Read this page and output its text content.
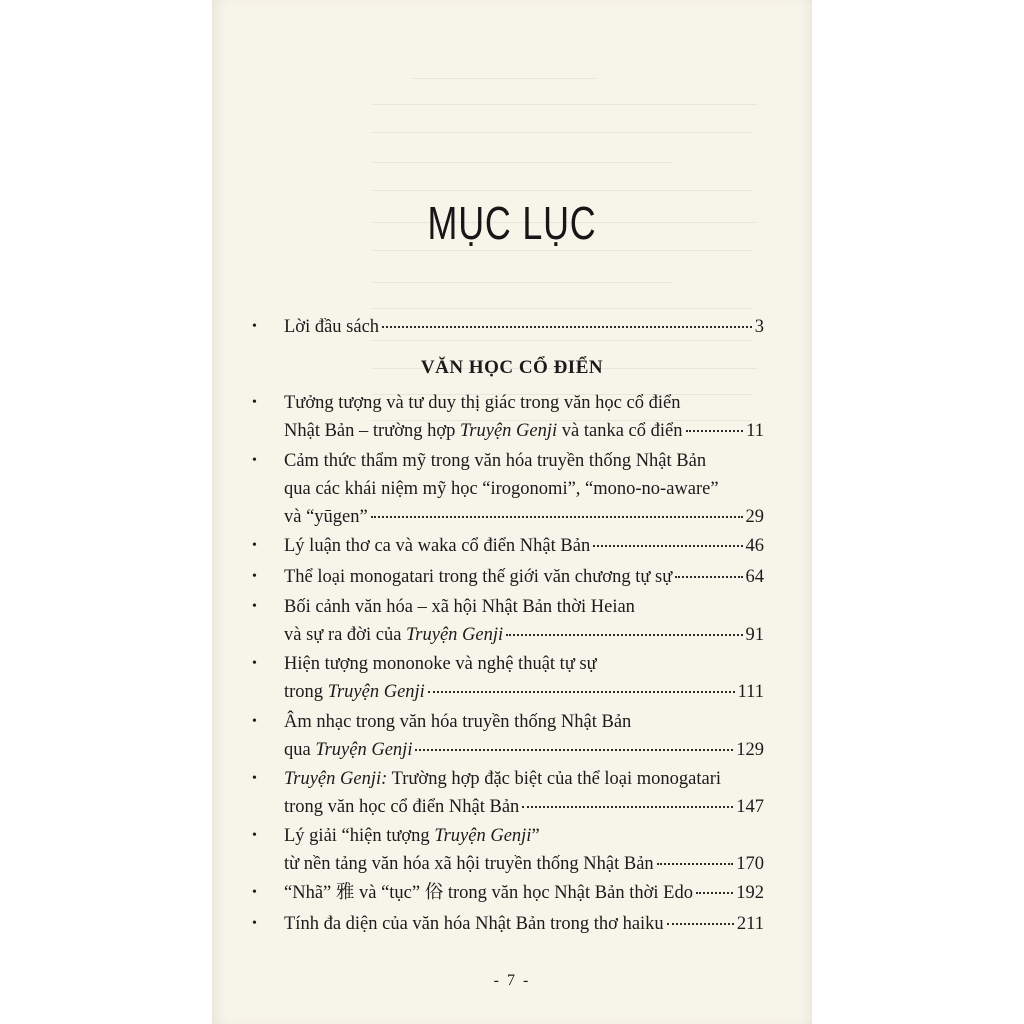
MỤC LỤC
• Lời đầu sách	3
VĂN HỌC CỔ ĐIỂN
• Tưởng tượng và tư duy thị giác trong văn học cổ điển
Nhật Bản – trường hợp Truyện Genji và tanka cổ điển	11
• Cảm thức thẩm mỹ trong văn hóa truyền thống Nhật Bản
qua các khái niệm mỹ học “irogonomi”, “mono-no-aware”
và “yūgen”	29
• Lý luận thơ ca và waka cổ điển Nhật Bản	46
• Thể loại monogatari trong thế giới văn chương tự sự	64
• Bối cảnh văn hóa – xã hội Nhật Bản thời Heian
và sự ra đời của Truyện Genji	91
• Hiện tượng mononoke và nghệ thuật tự sự
trong Truyện Genji	111
• Âm nhạc trong văn hóa truyền thống Nhật Bản
qua Truyện Genji	129
• Truyện Genji: Trường hợp đặc biệt của thể loại monogatari
trong văn học cổ điển Nhật Bản	147
• Lý giải “hiện tượng Truyện Genji”
từ nền tảng văn hóa xã hội truyền thống Nhật Bản	170
• “Nhã” 雅 và “tục” 俗 trong văn học Nhật Bản thời Edo 192
• Tính đa diện của văn hóa Nhật Bản trong thơ haiku	211
- 7 -
